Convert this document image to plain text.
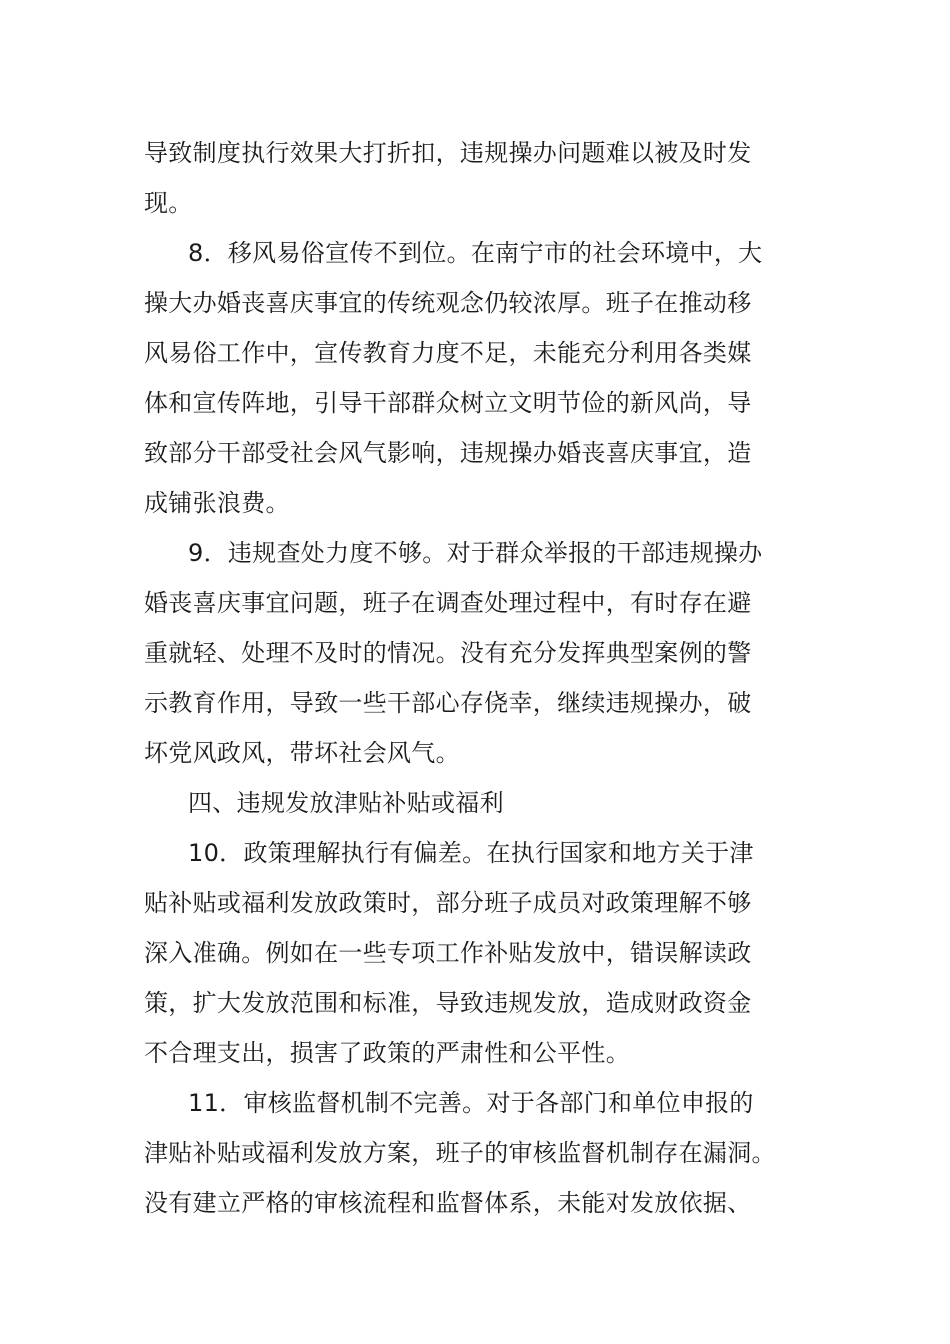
导致制度执行效果大打折扣，违规操办问题难以被及时发
现。
8．移风易俗宣传不到位。在南宁市的社会环境中，大
操大办婚丧喜庆事宜的传统观念仍较浓厚。班子在推动移
风易俗工作中，宣传教育力度不足，未能充分利用各类媒
体和宣传阵地，引导干部群众树立文明节俭的新风尚，导
致部分干部受社会风气影响，违规操办婚丧喜庆事宜，造
成铺张浪费。
9．违规查处力度不够。对于群众举报的干部违规操办
婚丧喜庆事宜问题，班子在调查处理过程中，有时存在避
重就轻、处理不及时的情况。没有充分发挥典型案例的警
示教育作用，导致一些干部心存侥幸，继续违规操办，破
坏党风政风，带坏社会风气。
四、违规发放津贴补贴或福利
10．政策理解执行有偏差。在执行国家和地方关于津
贴补贴或福利发放政策时，部分班子成员对政策理解不够
深入准确。例如在一些专项工作补贴发放中，错误解读政
策，扩大发放范围和标准，导致违规发放，造成财政资金
不合理支出，损害了政策的严肃性和公平性。
11．审核监督机制不完善。对于各部门和单位申报的
津贴补贴或福利发放方案，班子的审核监督机制存在漏洞。
没有建立严格的审核流程和监督体系，未能对发放依据、
